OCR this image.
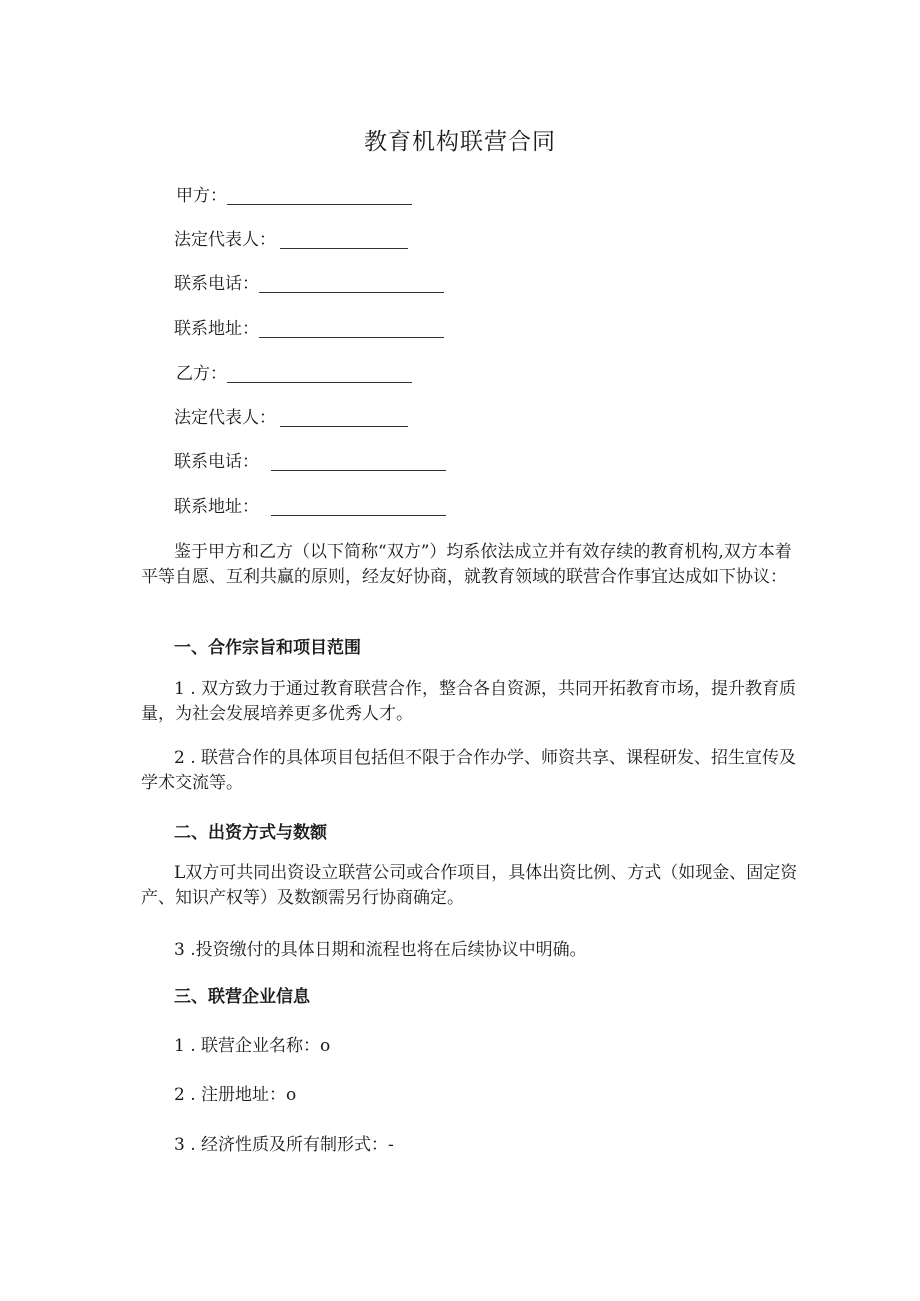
教育机构联营合同
甲方：
法定代表人：
联系电话：
联系地址：
乙方：
法定代表人：
联系电话：
联系地址：
鉴于甲方和乙方（以下简称“双方”）均系依法成立并有效存续的教育机构,双方本着平等自愿、互利共赢的原则，经友好协商，就教育领域的联营合作事宜达成如下协议：
一、合作宗旨和项目范围
1 . 双方致力于通过教育联营合作，整合各自资源，共同开拓教育市场，提升教育质量，为社会发展培养更多优秀人才。
2 . 联营合作的具体项目包括但不限于合作办学、师资共享、课程研发、招生宣传及学术交流等。
二、出资方式与数额
L双方可共同出资设立联营公司或合作项目，具体出资比例、方式（如现金、固定资产、知识产权等）及数额需另行协商确定。
3 .投资缴付的具体日期和流程也将在后续协议中明确。
三、联营企业信息
1 . 联营企业名称：o
2 . 注册地址：o
3 . 经济性质及所有制形式：-
